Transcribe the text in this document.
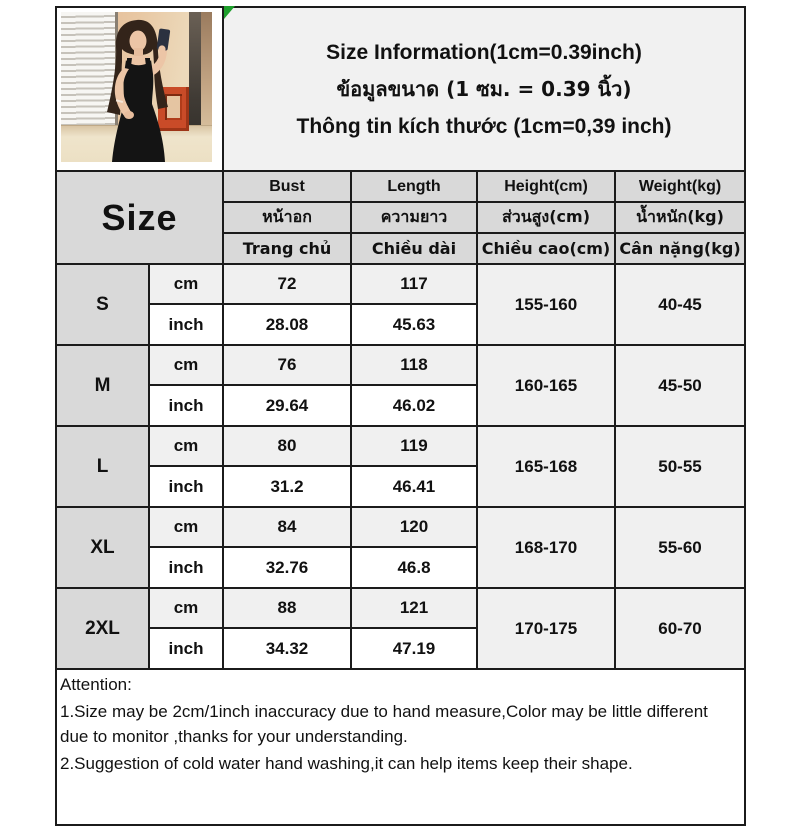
Size Information(1cm=0.39inch)
ข้อมูลขนาด (1 ซม. = 0.39 นิ้ว)
Thông tin kích thước (1cm=0,39 inch)			

Size		Bust	Length	Height(cm)	Weight(kg)
		หน้าอก	ความยาว	ส่วนสูง(cm)	น้ำหนัก(kg)
		Trang chủ	Chiều dài	Chiều cao(cm)	Cân nặng(kg)
S	cm	72	117	155-160	40-45
	inch	28.08	45.63		
M	cm	76	118	160-165	45-50
	inch	29.64	46.02		
L	cm	80	119	165-168	50-55
	inch	31.2	46.41		
XL	cm	84	120	168-170	55-60
	inch	32.76	46.8		
2XL	cm	88	121	170-175	60-70
	inch	34.32	47.19		

Attention:
1.Size may be 2cm/1inch inaccuracy due to hand measure,Color may be little different due to monitor ,thanks for your understanding.
2.Suggestion of cold water hand washing,it can help items keep their shape.					
